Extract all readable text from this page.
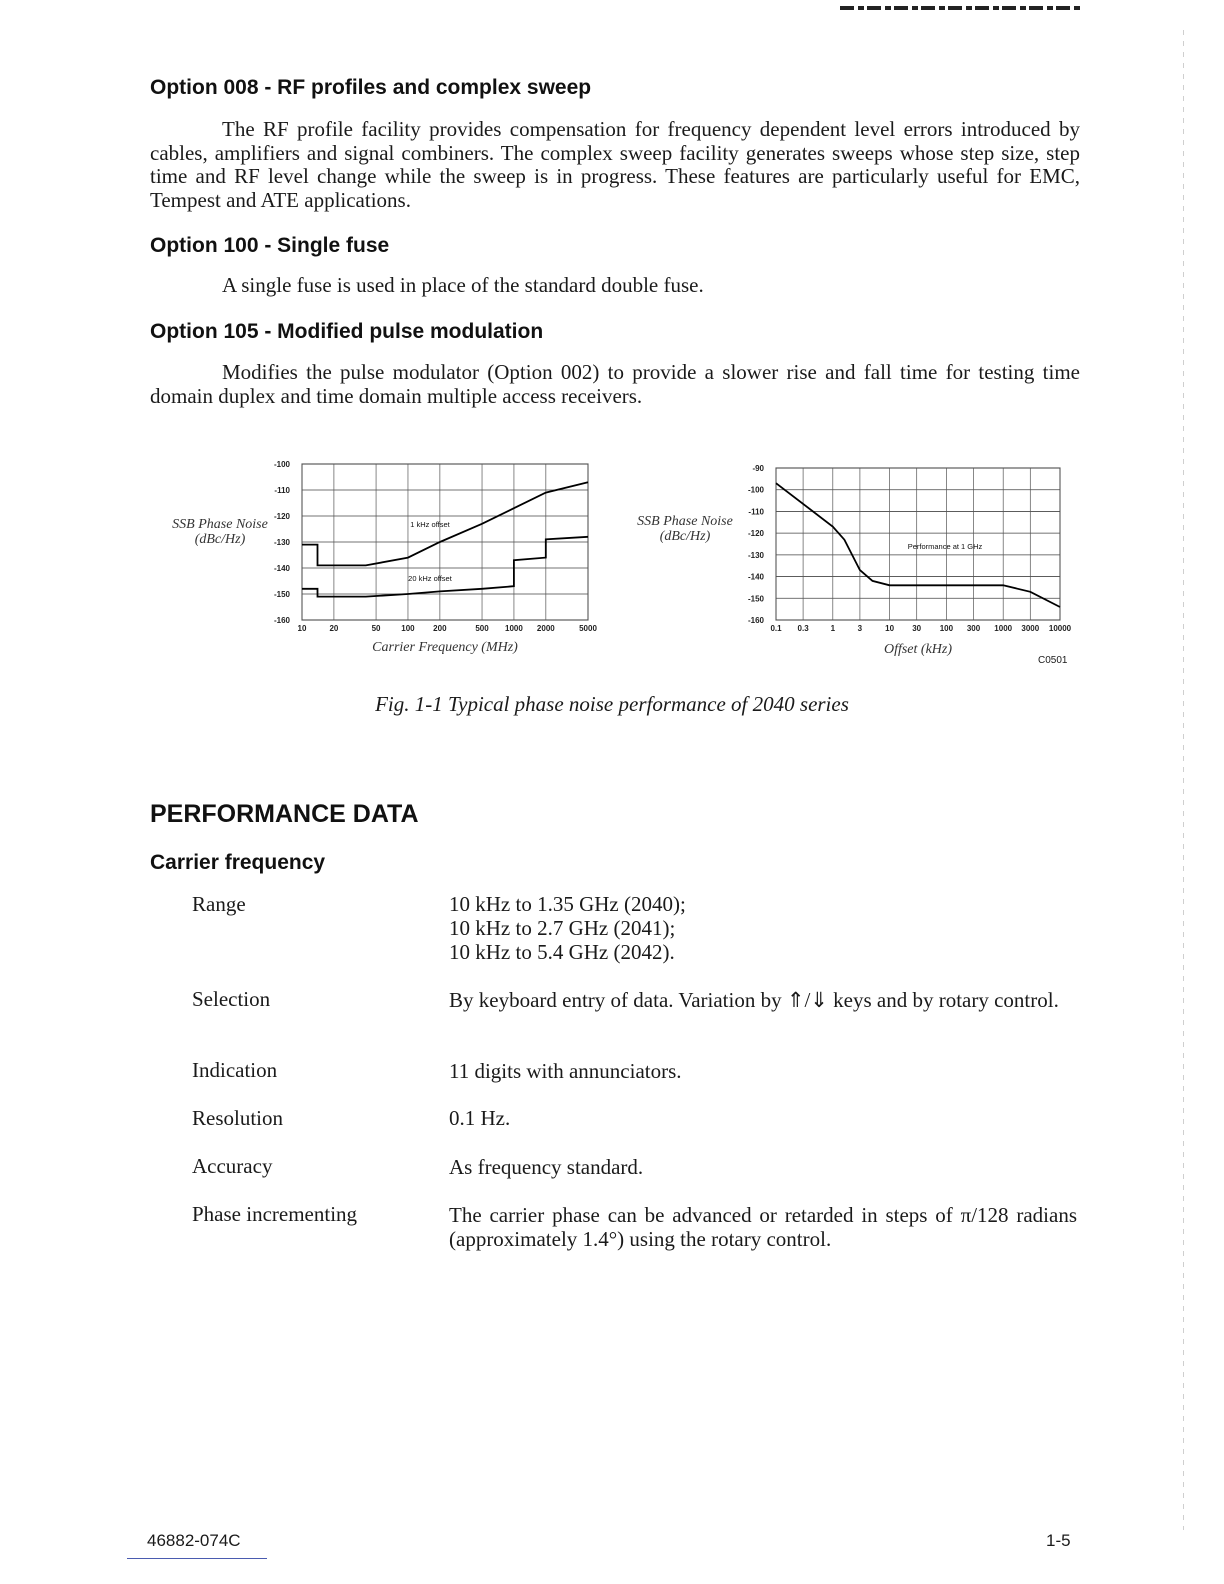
Option 008 - RF profiles and complex sweep

The RF profile facility provides compensation for frequency dependent level errors introduced by cables, amplifiers and signal combiners. The complex sweep facility generates sweeps whose step size, step time and RF level change while the sweep is in progress. These features are particularly useful for EMC, Tempest and ATE applications.

Option 100 - Single fuse

A single fuse is used in place of the standard double fuse.

Option 105 - Modified pulse modulation

Modifies the pulse modulator (Option 002) to provide a slower rise and fall time for testing time domain duplex and time domain multiple access receivers.

SSB Phase Noise (dBc/Hz)
-100
-110
-120
-130
-140
-150
-160
10	20	50	100 200	500 1000 2000	5000
1 kHz offset
20 kHz offset
Carrier Frequency (MHz)
SSB Phase Noise (dBc/Hz)
-90
-100
-110
-120
-130
-140
-150
-160
0.1 0.3	1	3	10 30 100 300 1000 3000 10000
Performance at 1 GHz
Offset (kHz)
C0501
Fig. 1-1 Typical phase noise performance of 2040 series
PERFORMANCE DATA
Carrier frequency
Range	10 kHz to 1.35 GHz (2040);
10 kHz to 2.7 GHz (2041);
10 kHz to 5.4 GHz (2042).
Selection	By keyboard entry of data. Variation by ⇑/⇓ keys and by rotary control.
Indication	11 digits with annunciators.
Resolution	0.1 Hz.
Accuracy	As frequency standard.
Phase incrementing	The carrier phase can be advanced or retarded in steps of π/128 radians (approximately 1.4°) using the rotary control.
46882-074C	1-5
